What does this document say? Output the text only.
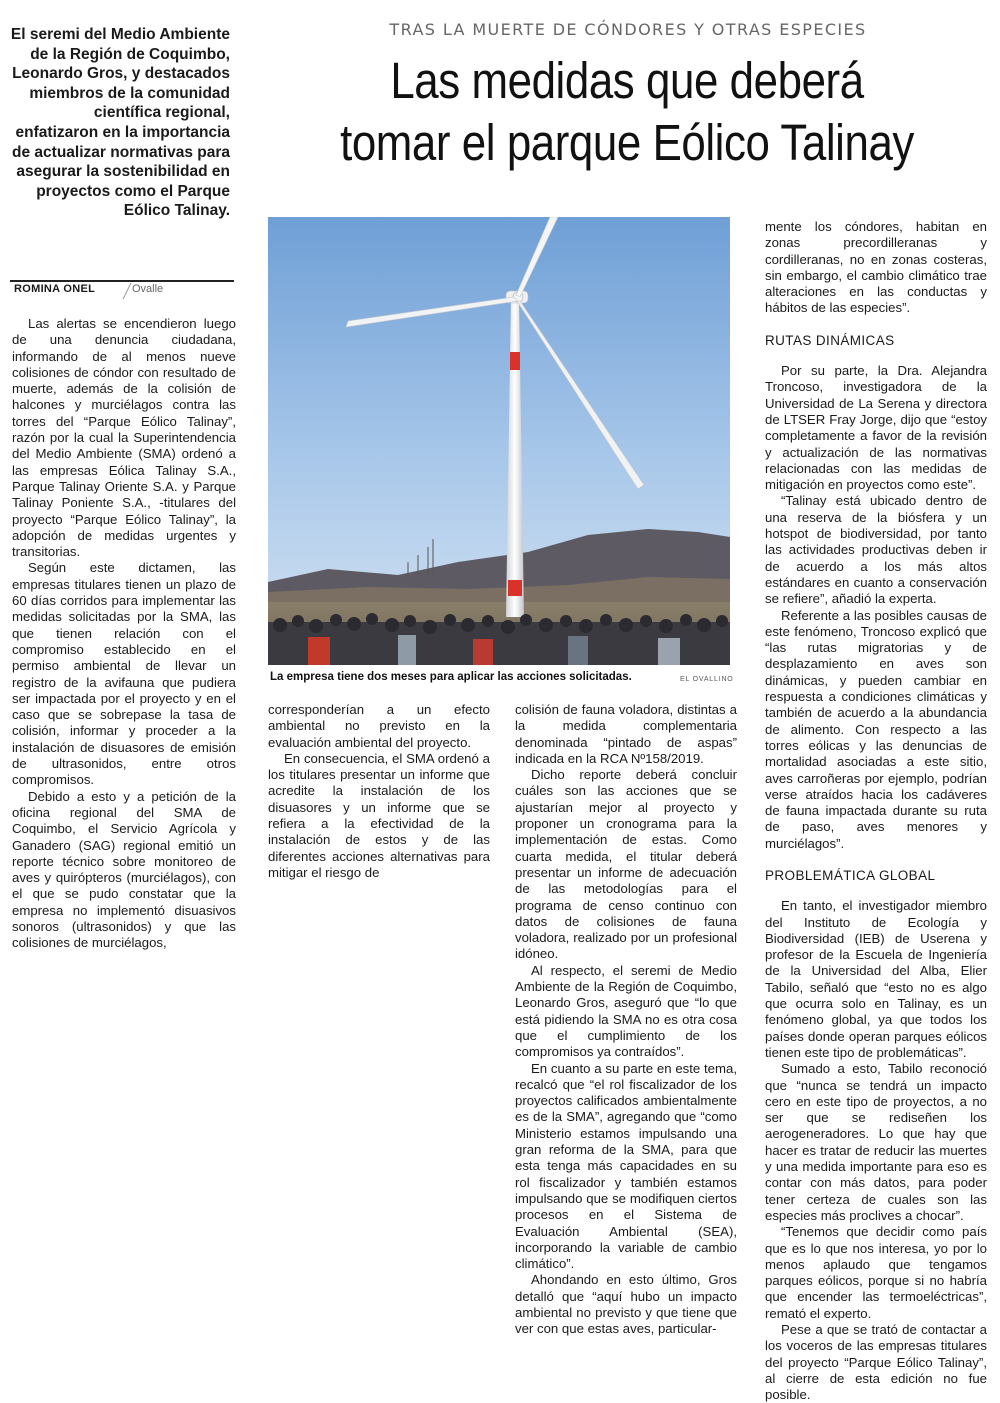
TRAS LA MUERTE DE CÓNDORES Y OTRAS ESPECIES
Las medidas que deberá
tomar el parque Eólico Talinay
El seremi del Medio Ambiente de la Región de Coquimbo, Leonardo Gros, y destacados miembros de la comunidad científica regional, enfatizaron en la importancia de actualizar normativas para asegurar la sostenibilidad en proyectos como el Parque Eólico Talinay.
ROMINA ONEL	Ovalle

Las alertas se encendieron luego de una denuncia ciudadana, informando de al menos nueve colisiones de cóndor con resultado de muerte, además de la colisión de halcones y murciélagos contra las torres del “Parque Eólico Talinay”, razón por la cual la Superintendencia del Medio Ambiente (SMA) ordenó a las empresas Eólica Talinay S.A., Parque Talinay Oriente S.A. y Parque Talinay Poniente S.A., -titulares del proyecto “Parque Eólico Talinay”, la adopción de medidas urgentes y transitorias.

Según este dictamen, las empresas titulares tienen un plazo de 60 días corridos para implementar las medidas solicitadas por la SMA, las que tienen relación con el compromiso establecido en el permiso ambiental de llevar un registro de la avifauna que pudiera ser impactada por el proyecto y en el caso que se sobrepase la tasa de colisión, informar y proceder a la instalación de disuasores de emisión de ultrasonidos, entre otros compromisos.

Debido a esto y a petición de la oficina regional del SMA de Coquimbo, el Servicio Agrícola y Ganadero (SAG) regional emitió un reporte técnico sobre monitoreo de aves y quirópteros (murciélagos), con el que se pudo constatar que la empresa no implementó disuasivos sonoros (ultrasonidos) y que las colisiones de murciélagos,

La empresa tiene dos meses para aplicar las acciones solicitadas.	EL OVALLINO

corresponderían a un efecto ambiental no previsto en la evaluación ambiental del proyecto.

En consecuencia, el SMA ordenó a los titulares presentar un informe que acredite la instalación de los disuasores y un informe que se refiera a la efectividad de la instalación de estos y de las diferentes acciones alternativas para mitigar el riesgo de

colisión de fauna voladora, distintas a la medida complementaria denominada “pintado de aspas” indicada en la RCA Nº158/2019.

Dicho reporte deberá concluir cuáles son las acciones que se ajustarían mejor al proyecto y proponer un cronograma para la implementación de estas. Como cuarta medida, el titular deberá presentar un informe de adecuación de las metodologías para el programa de censo continuo con datos de colisiones de fauna voladora, realizado por un profesional idóneo.

Al respecto, el seremi de Medio Ambiente de la Región de Coquimbo, Leonardo Gros, aseguró que “lo que está pidiendo la SMA no es otra cosa que el cumplimiento de los compromisos ya contraídos”.

En cuanto a su parte en este tema, recalcó que “el rol fiscalizador de los proyectos calificados ambientalmente es de la SMA”, agregando que “como Ministerio estamos impulsando una gran reforma de la SMA, para que esta tenga más capacidades en su rol fiscalizador y también estamos impulsando que se modifiquen ciertos procesos en el Sistema de Evaluación Ambiental (SEA), incorporando la variable de cambio climático”.

Ahondando en esto último, Gros detalló que “aquí hubo un impacto ambiental no previsto y que tiene que ver con que estas aves, particular-

mente los cóndores, habitan en zonas precordilleranas y cordilleranas, no en zonas costeras, sin embargo, el cambio climático trae alteraciones en las conductas y hábitos de las especies”.

RUTAS DINÁMICAS

Por su parte, la Dra. Alejandra Troncoso, investigadora de la Universidad de La Serena y directora de LTSER Fray Jorge, dijo que “estoy completamente a favor de la revisión y actualización de las normativas relacionadas con las medidas de mitigación en proyectos como este”.

“Talinay está ubicado dentro de una reserva de la biósfera y un hotspot de biodiversidad, por tanto las actividades productivas deben ir de acuerdo a los más altos estándares en cuanto a conservación se refiere”, añadió la experta.

Referente a las posibles causas de este fenómeno, Troncoso explicó que “las rutas migratorias y de desplazamiento en aves son dinámicas, y pueden cambiar en respuesta a condiciones climáticas y también de acuerdo a la abundancia de alimento. Con respecto a las torres eólicas y las denuncias de mortalidad asociadas a este sitio, aves carroñeras por ejemplo, podrían verse atraídos hacia los cadáveres de fauna impactada durante su ruta de paso, aves menores y murciélagos”.

PROBLEMÁTICA GLOBAL

En tanto, el investigador miembro del Instituto de Ecología y Biodiversidad (IEB) de Userena y profesor de la Escuela de Ingeniería de la Universidad del Alba, Elier Tabilo, señaló que “esto no es algo que ocurra solo en Talinay, es un fenómeno global, ya que todos los países donde operan parques eólicos tienen este tipo de problemáticas”.

Sumado a esto, Tabilo reconoció que “nunca se tendrá un impacto cero en este tipo de proyectos, a no ser que se rediseñen los aerogeneradores. Lo que hay que hacer es tratar de reducir las muertes y una medida importante para eso es contar con más datos, para poder tener certeza de cuales son las especies más proclives a chocar”.

“Tenemos que decidir como país que es lo que nos interesa, yo por lo menos aplaudo que tengamos parques eólicos, porque si no habría que encender las termoeléctricas”, remató el experto.

Pese a que se trató de contactar a los voceros de las empresas titulares del proyecto “Parque Eólico Talinay”, al cierre de esta edición no fue posible.
